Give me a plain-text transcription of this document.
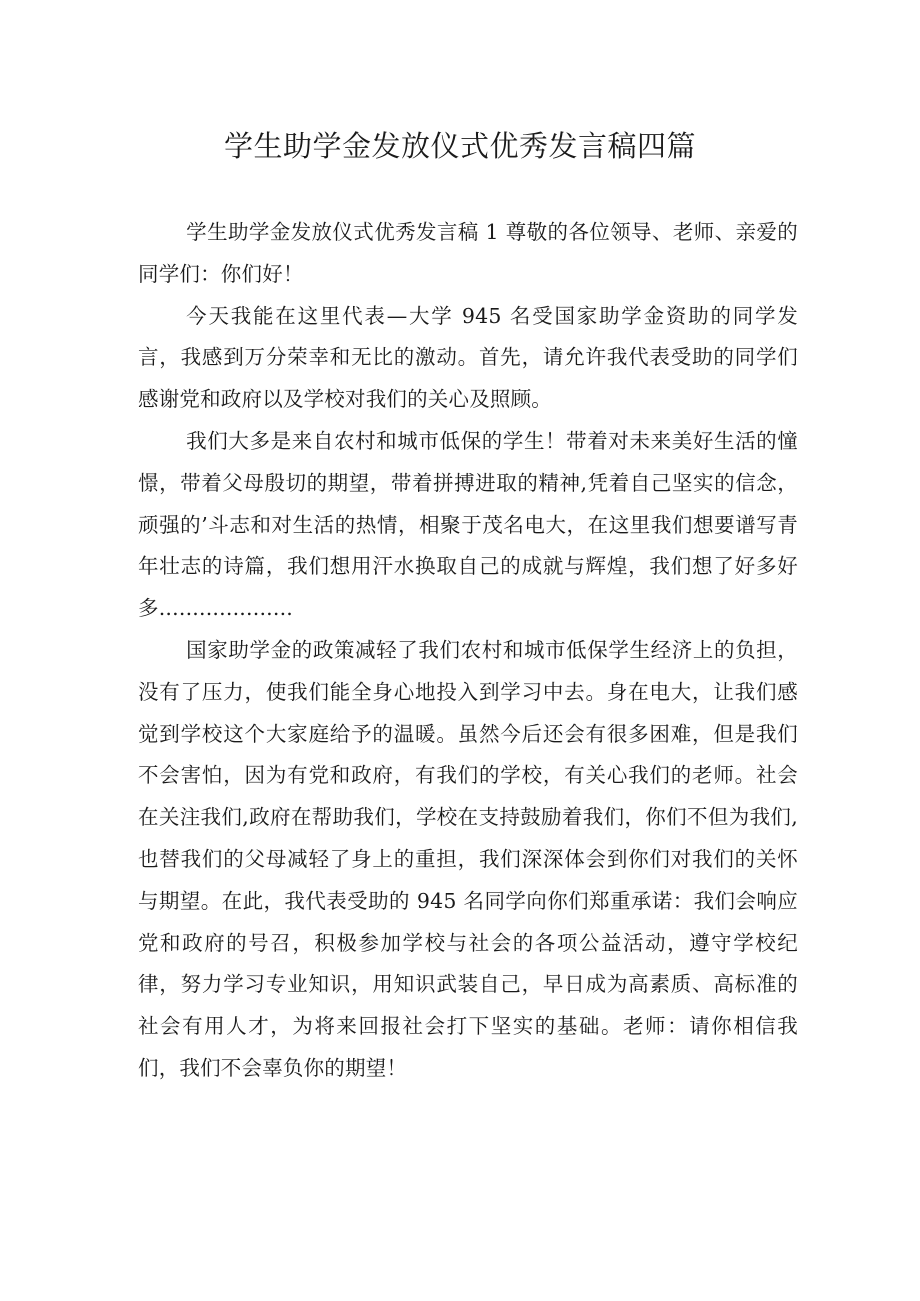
学生助学金发放仪式优秀发言稿四篇

学生助学金发放仪式优秀发言稿 1 尊敬的各位领导、老师、亲爱的同学们：你们好！

今天我能在这里代表—大学 945 名受国家助学金资助的同学发言，我感到万分荣幸和无比的激动。首先，请允许我代表受助的同学们感谢党和政府以及学校对我们的关心及照顾。

我们大多是来自农村和城市低保的学生！带着对未来美好生活的憧憬，带着父母殷切的期望，带着拼搏进取的精神,凭着自己坚实的信念，顽强的’斗志和对生活的热情，相聚于茂名电大，在这里我们想要谱写青年壮志的诗篇，我们想用汗水换取自己的成就与辉煌，我们想了好多好多....................

国家助学金的政策减轻了我们农村和城市低保学生经济上的负担，没有了压力，使我们能全身心地投入到学习中去。身在电大，让我们感觉到学校这个大家庭给予的温暖。虽然今后还会有很多困难，但是我们不会害怕，因为有党和政府，有我们的学校，有关心我们的老师。社会在关注我们,政府在帮助我们，学校在支持鼓励着我们，你们不但为我们,也替我们的父母减轻了身上的重担，我们深深体会到你们对我们的关怀与期望。在此，我代表受助的 945 名同学向你们郑重承诺：我们会响应党和政府的号召，积极参加学校与社会的各项公益活动，遵守学校纪律，努力学习专业知识，用知识武装自己，早日成为高素质、高标准的社会有用人才，为将来回报社会打下坚实的基础。老师：请你相信我们，我们不会辜负你的期望！
